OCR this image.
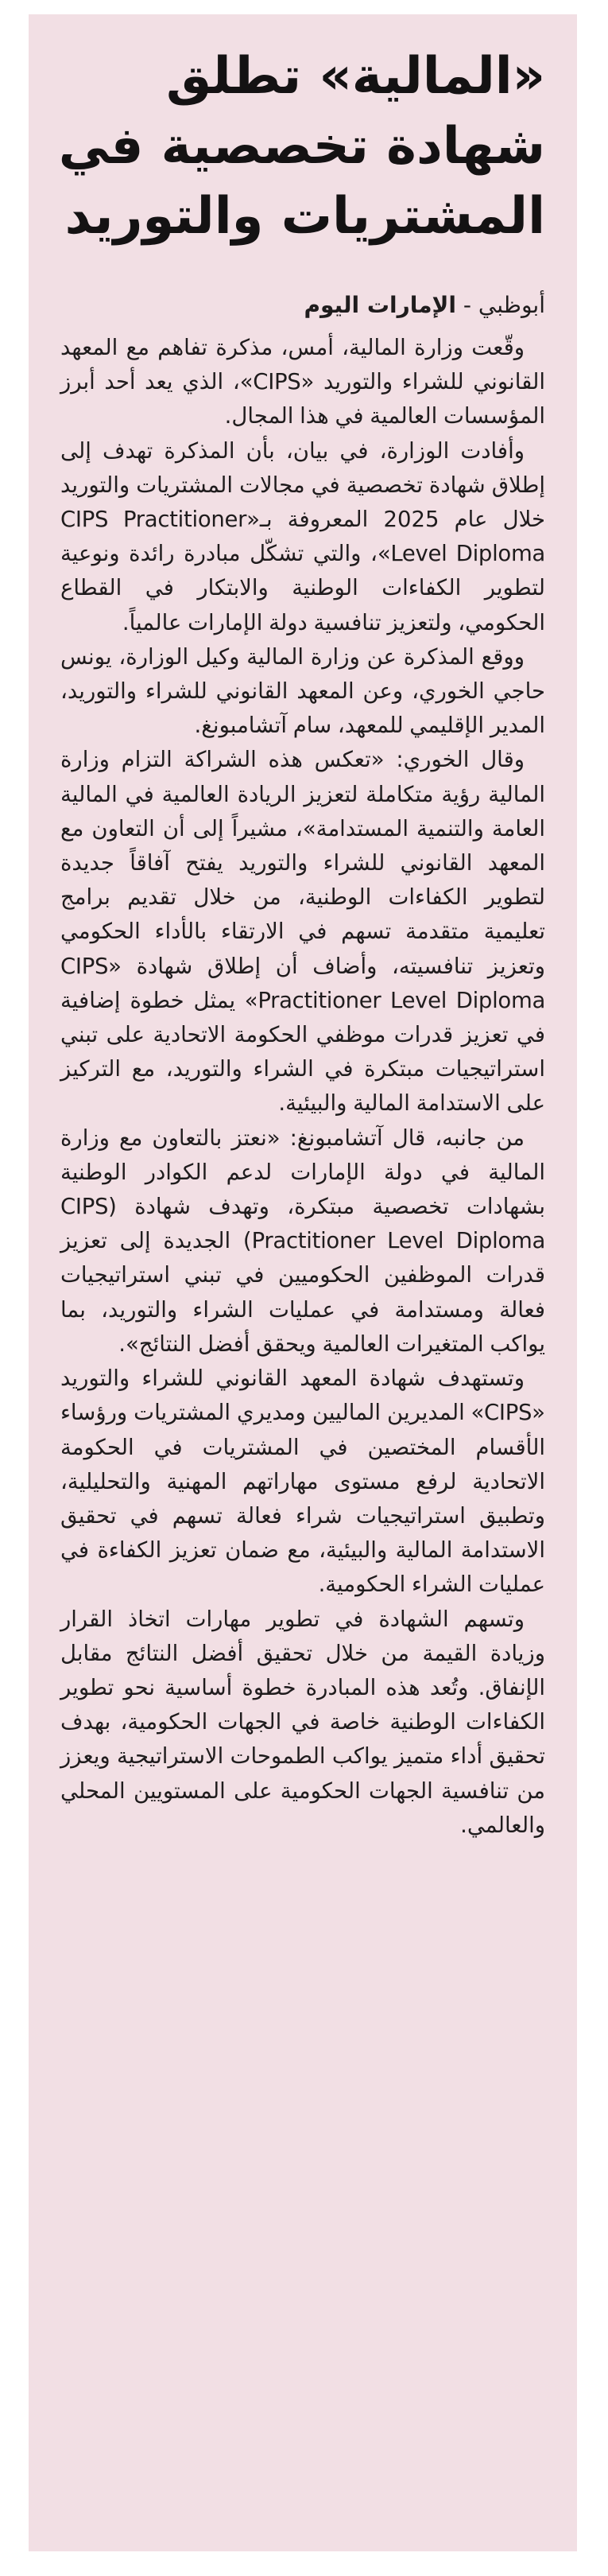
«المالية» تطلق
شهادة تخصصية في
المشتريات والتوريد
أبوظبي - الإمارات اليوم

وقّعت وزارة المالية، أمس، مذكرة تفاهم مع المعهد القانوني للشراء والتوريد «CIPS»، الذي يعد أحد أبرز المؤسسات العالمية في هذا المجال.

وأفادت الوزارة، في بيان، بأن المذكرة تهدف إلى إطلاق شهادة تخصصية في مجالات المشتريات والتوريد خلال عام 2025 المعروفة بـ«CIPS Practitioner Level Diploma»، والتي تشكّل مبادرة رائدة ونوعية لتطوير الكفاءات الوطنية والابتكار في القطاع الحكومي، ولتعزيز تنافسية دولة الإمارات عالمياً.

ووقع المذكرة عن وزارة المالية وكيل الوزارة، يونس حاجي الخوري، وعن المعهد القانوني للشراء والتوريد، المدير الإقليمي للمعهد، سام آتشامبونغ.

وقال الخوري: «تعكس هذه الشراكة التزام وزارة المالية رؤية متكاملة لتعزيز الريادة العالمية في المالية العامة والتنمية المستدامة»، مشيراً إلى أن التعاون مع المعهد القانوني للشراء والتوريد يفتح آفاقاً جديدة لتطوير الكفاءات الوطنية، من خلال تقديم برامج تعليمية متقدمة تسهم في الارتقاء بالأداء الحكومي وتعزيز تنافسيته، وأضاف أن إطلاق شهادة «CIPS Practitioner Level Diploma» يمثل خطوة إضافية في تعزيز قدرات موظفي الحكومة الاتحادية على تبني استراتيجيات مبتكرة في الشراء والتوريد، مع التركيز على الاستدامة المالية والبيئية.

من جانبه، قال آتشامبونغ: «نعتز بالتعاون مع وزارة المالية في دولة الإمارات لدعم الكوادر الوطنية بشهادات تخصصية مبتكرة، وتهدف شهادة (CIPS Practitioner Level Diploma) الجديدة إلى تعزيز قدرات الموظفين الحكوميين في تبني استراتيجيات فعالة ومستدامة في عمليات الشراء والتوريد، بما يواكب المتغيرات العالمية ويحقق أفضل النتائج».

وتستهدف شهادة المعهد القانوني للشراء والتوريد «CIPS» المديرين الماليين ومديري المشتريات ورؤساء الأقسام المختصين في المشتريات في الحكومة الاتحادية لرفع مستوى مهاراتهم المهنية والتحليلية، وتطبيق استراتيجيات شراء فعالة تسهم في تحقيق الاستدامة المالية والبيئية، مع ضمان تعزيز الكفاءة في عمليات الشراء الحكومية.

وتسهم الشهادة في تطوير مهارات اتخاذ القرار وزيادة القيمة من خلال تحقيق أفضل النتائج مقابل الإنفاق. وتُعد هذه المبادرة خطوة أساسية نحو تطوير الكفاءات الوطنية خاصة في الجهات الحكومية، بهدف تحقيق أداء متميز يواكب الطموحات الاستراتيجية ويعزز من تنافسية الجهات الحكومية على المستويين المحلي والعالمي.
